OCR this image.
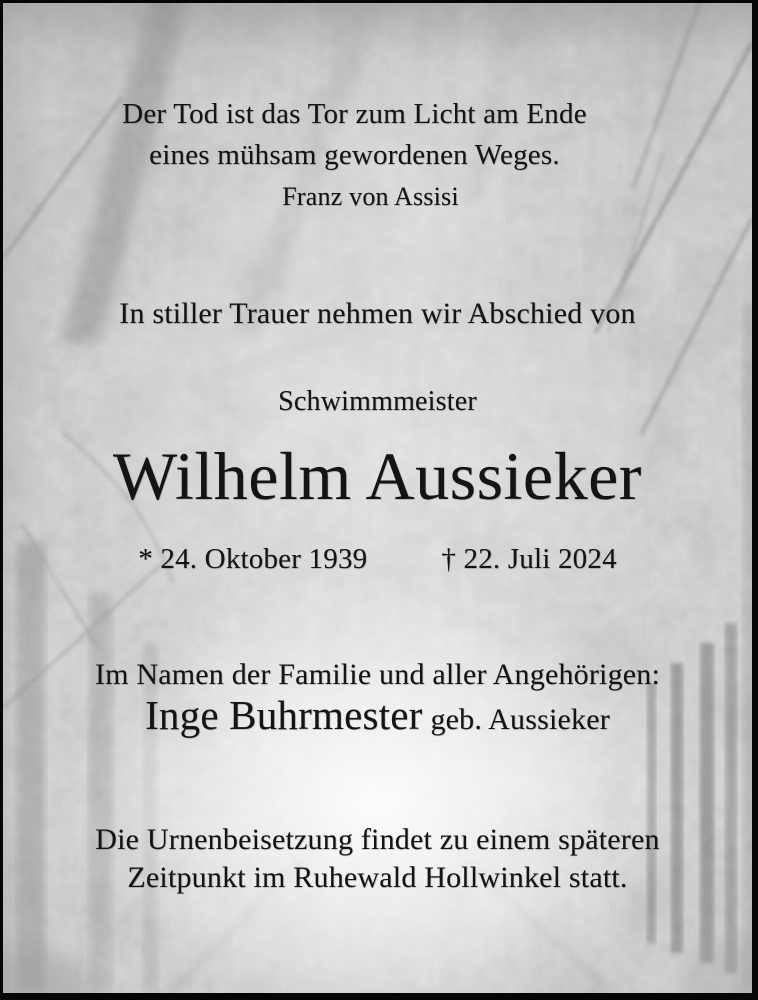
Der Tod ist das Tor zum Licht am Ende
eines mühsam gewordenen Weges.
Franz von Assisi
In stiller Trauer nehmen wir Abschied von
Schwimmmeister
Wilhelm Aussieker
* 24. Oktober 1939	† 22. Juli 2024
Im Namen der Familie und aller Angehörigen:
Inge Buhrmester geb. Aussieker
Die Urnenbeisetzung findet zu einem späteren
Zeitpunkt im Ruhewald Hollwinkel statt.
